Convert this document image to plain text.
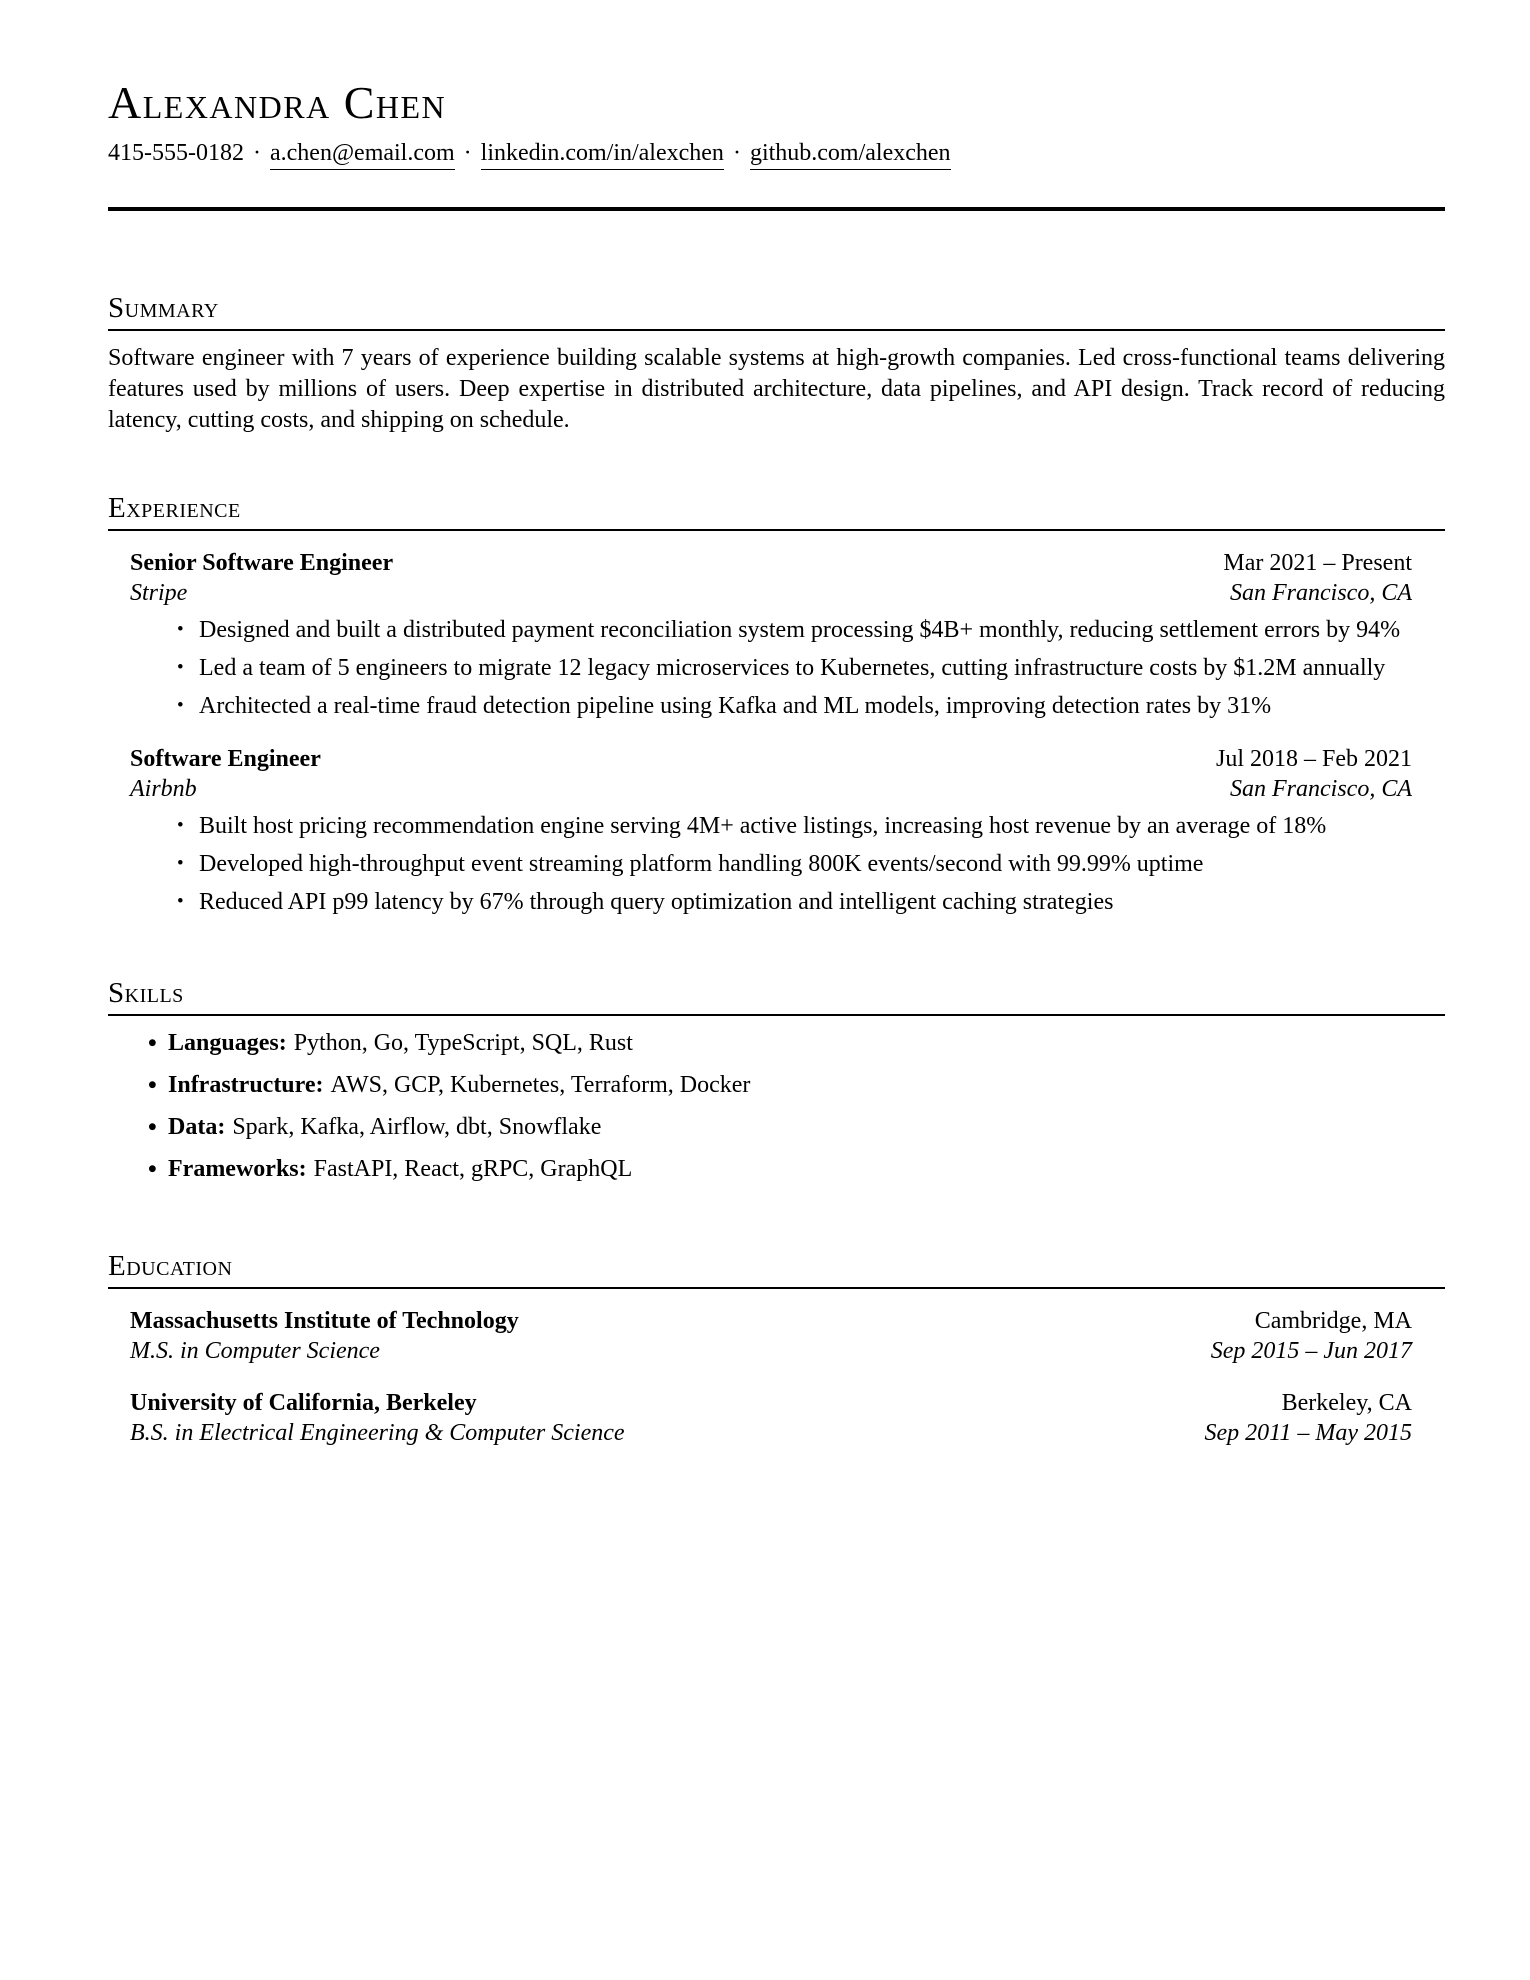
Alexandra Chen
415-555-0182 · a.chen@email.com · linkedin.com/in/alexchen · github.com/alexchen
Summary

Software engineer with 7 years of experience building scalable systems at high-growth companies. Led cross-functional teams delivering features used by millions of users. Deep expertise in distributed architecture, data pipelines, and API design. Track record of reducing latency, cutting costs, and shipping on schedule.

Experience
Senior Software Engineer	Mar 2021 – Present
Stripe	San Francisco, CA
• Designed and built a distributed payment reconciliation system processing $4B+ monthly, reducing settlement errors by 94%
• Led a team of 5 engineers to migrate 12 legacy microservices to Kubernetes, cutting infrastructure costs by $1.2M annually
• Architected a real-time fraud detection pipeline using Kafka and ML models, improving detection rates by 31%
Software Engineer	Jul 2018 – Feb 2021
Airbnb	San Francisco, CA
• Built host pricing recommendation engine serving 4M+ active listings, increasing host revenue by an average of 18%
• Developed high-throughput event streaming platform handling 800K events/second with 99.99% uptime
• Reduced API p99 latency by 67% through query optimization and intelligent caching strategies
Skills
• Languages: Python, Go, TypeScript, SQL, Rust
• Infrastructure: AWS, GCP, Kubernetes, Terraform, Docker
• Data: Spark, Kafka, Airflow, dbt, Snowflake
• Frameworks: FastAPI, React, gRPC, GraphQL
Education
Massachusetts Institute of Technology	Cambridge, MA
M.S. in Computer Science	Sep 2015 – Jun 2017
University of California, Berkeley	Berkeley, CA
B.S. in Electrical Engineering & Computer Science	Sep 2011 – May 2015
